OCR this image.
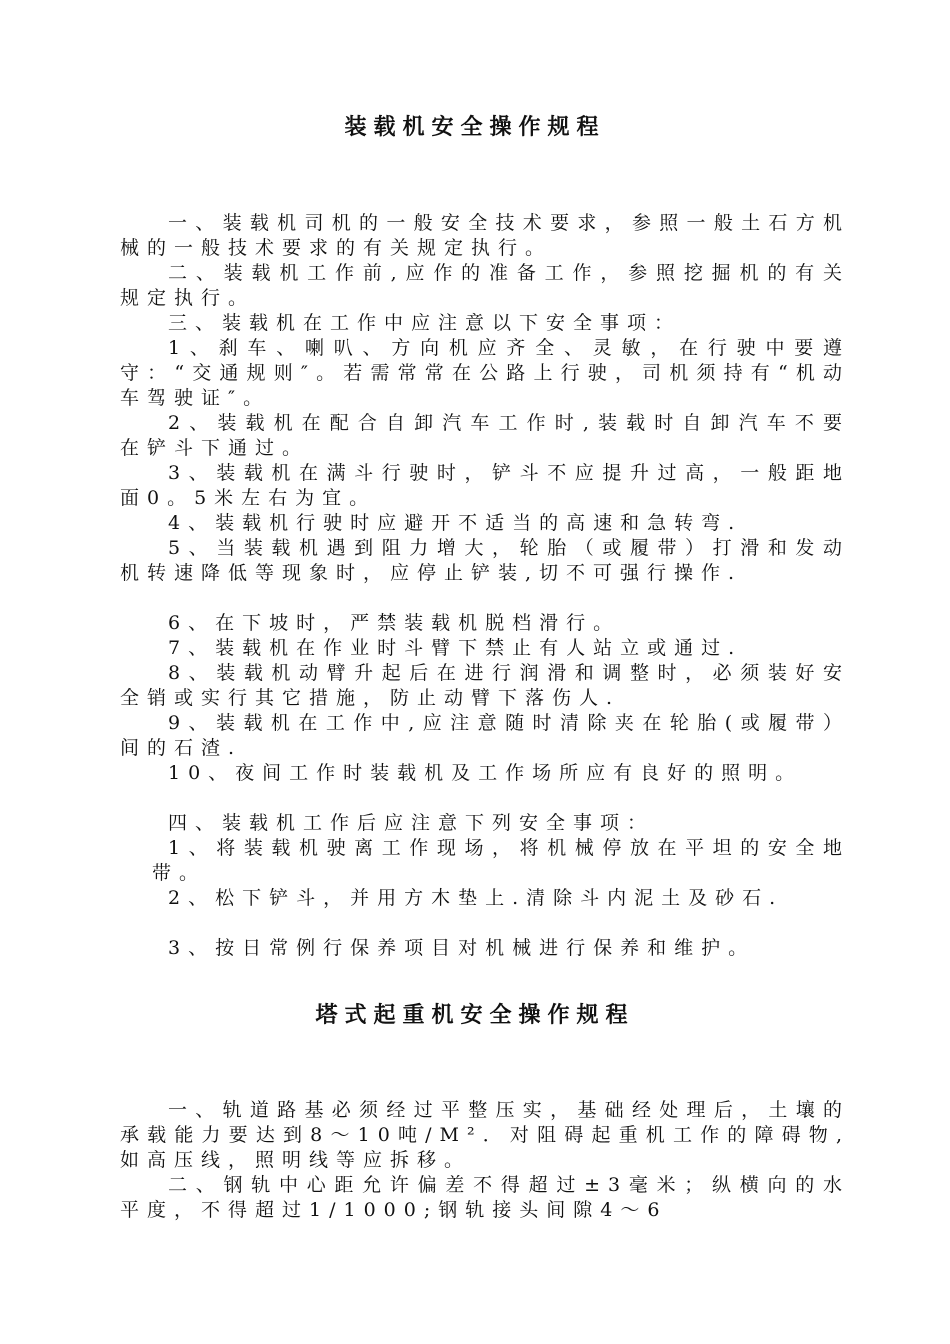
装载机安全操作规程

一、装载机司机的一般安全技术要求，参照一般土石方机械的一般技术要求的有关规定执行。

二、装载机工作前,应作的准备工作，参照挖掘机的有关规定执行。

三、装载机在工作中应注意以下安全事项：

1、刹车、喇叭、方向机应齐全、灵敏，在行驶中要遵守：“交通规则″。若需常常在公路上行驶，司机须持有“机动车驾驶证″。

2、装载机在配合自卸汽车工作时,装载时自卸汽车不要在铲斗下通过。

3、装载机在满斗行驶时，铲斗不应提升过高，一般距地面0。5米左右为宜。

4、装载机行驶时应避开不适当的高速和急转弯.

5、当装载机遇到阻力增大，轮胎（或履带）打滑和发动机转速降低等现象时，应停止铲装,切不可强行操作.

6、在下坡时，严禁装载机脱档滑行。

7、装载机在作业时斗臂下禁止有人站立或通过.

8、装载机动臂升起后在进行润滑和调整时，必须装好安全销或实行其它措施，防止动臂下落伤人.

9、装载机在工作中,应注意随时清除夹在轮胎(或履带）间的石渣.

10、夜间工作时装载机及工作场所应有良好的照明。

四、装载机工作后应注意下列安全事项：

1、将装载机驶离工作现场，将机械停放在平坦的安全地带。

2、松下铲斗，并用方木垫上.清除斗内泥土及砂石.

3、按日常例行保养项目对机械进行保养和维护。

塔式起重机安全操作规程

一、轨道路基必须经过平整压实，基础经处理后，土壤的承载能力要达到8～10吨/M²．对阻碍起重机工作的障碍物,如高压线，照明线等应拆移。

二、钢轨中心距允许偏差不得超过±3毫米；纵横向的水平度，不得超过1/1000;钢轨接头间隙4～6
